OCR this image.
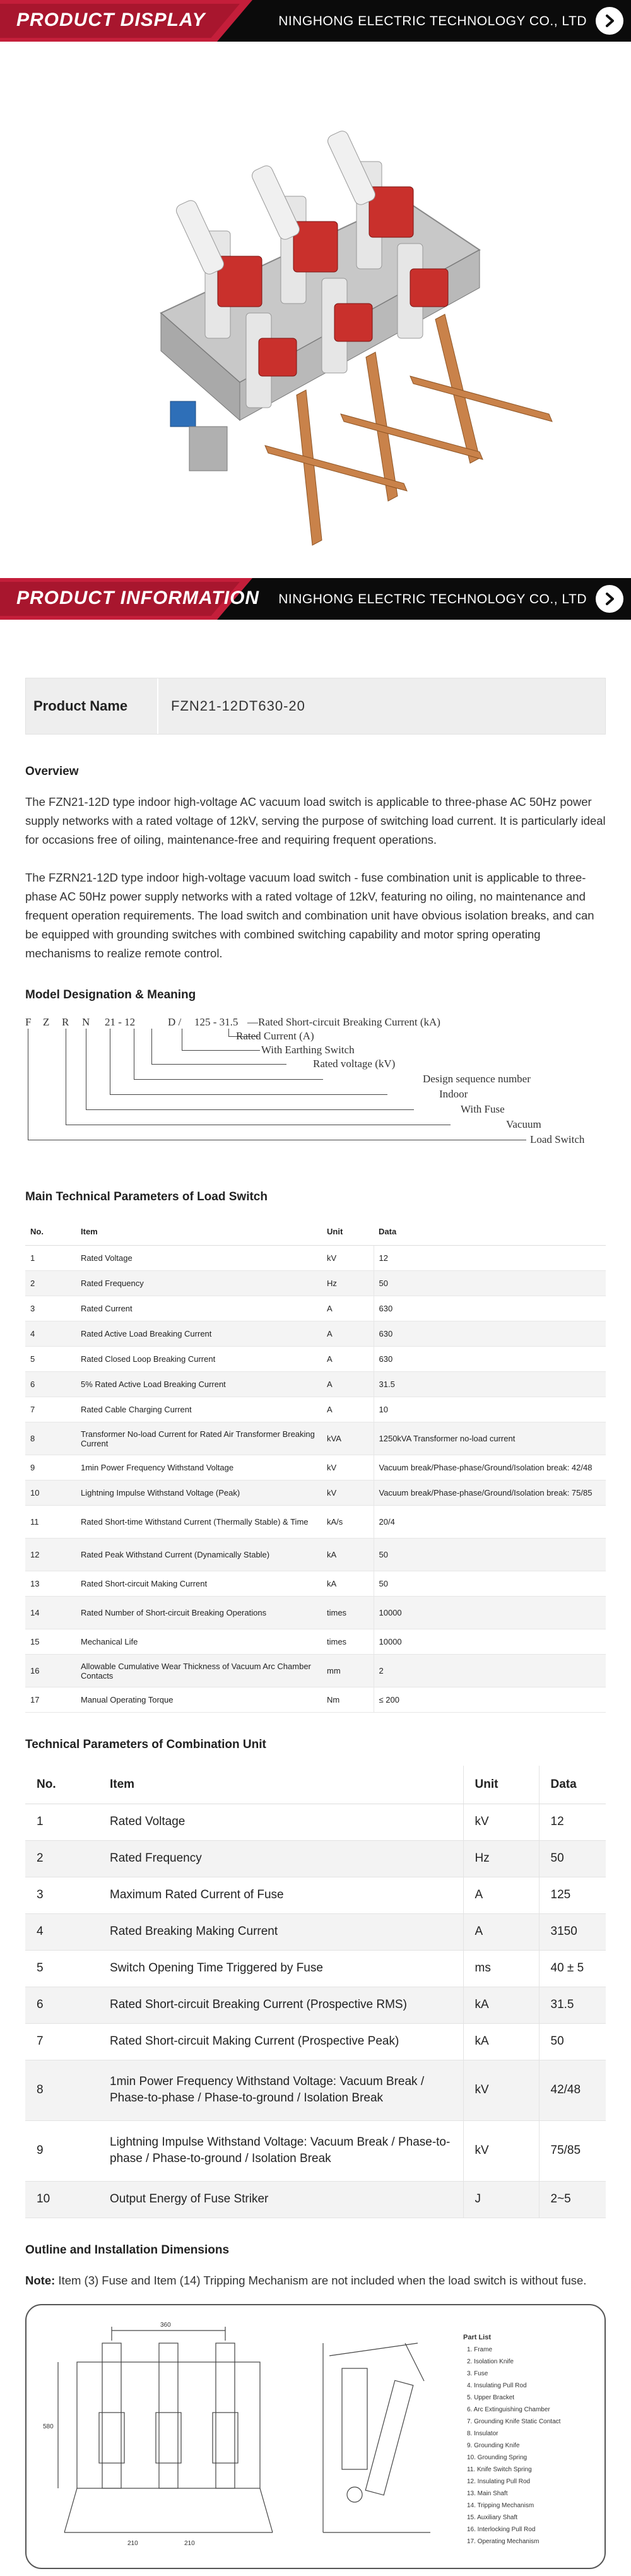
PRODUCT DISPLAY	NINGHONG ELECTRIC TECHNOLOGY CO., LTD
PRODUCT INFORMATION NINGHONG ELECTRIC TECHNOLOGY CO., LTD
Product Name	FZN21-12DT630-20
Overview

The FZN21-12D type indoor high-voltage AC vacuum load switch is applicable to three-phase AC 50Hz power supply networks with a rated voltage of 12kV, serving the purpose of switching load current. It is particularly ideal for occasions free of oiling, maintenance-free and requiring frequent operations.

The FZRN21-12D type indoor high-voltage vacuum load switch - fuse combination unit is applicable to three-phase AC 50Hz power supply networks with a rated voltage of 12kV, featuring no oiling, no maintenance and frequent operation requirements. The load switch and combination unit have obvious isolation breaks, and can be equipped with grounding switches with combined switching capability and motor spring operating mechanisms to realize remote control.

Model Designation & Meaning
F Z R N 21 - 12	D / 125 - 31.5 —Rated Short-circuit Breaking Current (kA)
Rated Current (A)
With Earthing Switch
Rated voltage (kV)
Design sequence number
Indoor
With Fuse
Vacuum
Load Switch
Main Technical Parameters of Load Switch
No.	Item	Unit	Data
1	Rated Voltage	kV	12
2	Rated Frequency	Hz	50
3	Rated Current	A	630
4	Rated Active Load Breaking Current	A	630
5	Rated Closed Loop Breaking Current	A	630
6	5% Rated Active Load Breaking Current	A	31.5
7	Rated Cable Charging Current	A	10
8	Transformer No-load Current for Rated Air Transformer Breaking Current	kVA	1250kVA Transformer no-load current
9	1min Power Frequency Withstand Voltage	kV	Vacuum break/Phase-phase/Ground/Isolation break: 42/48
10	Lightning Impulse Withstand Voltage (Peak)	kV	Vacuum break/Phase-phase/Ground/Isolation break: 75/85
11	Rated Short-time Withstand Current (Thermally Stable) & Time	kA/s	20/4
12	Rated Peak Withstand Current (Dynamically Stable)	kA	50
13	Rated Short-circuit Making Current	kA	50
14	Rated Number of Short-circuit Breaking Operations	times	10000
15	Mechanical Life	times	10000
16	Allowable Cumulative Wear Thickness of Vacuum Arc Chamber Contacts	mm	2
17	Manual Operating Torque	Nm	≤ 200
Technical Parameters of Combination Unit
No.	Item	Unit	Data
1	Rated Voltage	kV	12
2	Rated Frequency	Hz	50
3	Maximum Rated Current of Fuse	A	125
4	Rated Breaking Making Current	A	3150
5	Switch Opening Time Triggered by Fuse	ms	40 ± 5
6	Rated Short-circuit Breaking Current (Prospective RMS)	kA	31.5
7	Rated Short-circuit Making Current (Prospective Peak)	kA	50
8	1min Power Frequency Withstand Voltage: Vacuum Break / Phase-to-phase / Phase-to-ground / Isolation Break	kV	42/48
9	Lightning Impulse Withstand Voltage: Vacuum Break / Phase-to-phase / Phase-to-ground / Isolation Break	kV	75/85
10	Output Energy of Fuse Striker	J	2~5
Outline and Installation Dimensions

Note: Item (3) Fuse and Item (14) Tripping Mechanism are not included when the load switch is without fuse.

360
210	210
580
Part List
1. Frame
2. Isolation Knife
3. Fuse
4. Insulating Pull Rod
5. Upper Bracket
6. Arc Extinguishing Chamber
7. Grounding Knife Static Contact
8. Insulator
9. Grounding Knife
10. Grounding Spring
11. Knife Switch Spring
12. Insulating Pull Rod
13. Main Shaft
14. Tripping Mechanism
15. Auxiliary Shaft
16. Interlocking Pull Rod
17. Operating Mechanism
